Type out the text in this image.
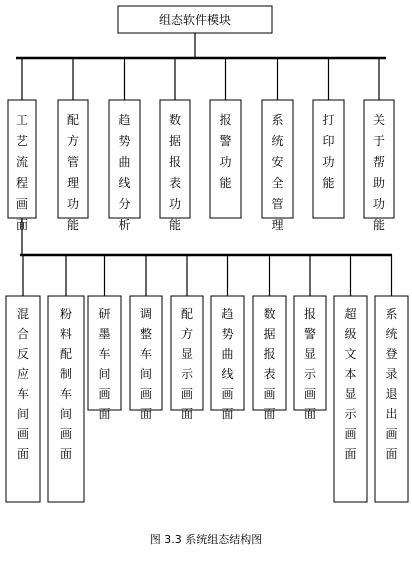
组态软件模块
工艺流程画面
配方管理功能
趋势曲线分析
数据报表功能
报警功能
系统安全管理
打印功能
关于帮助功能
混合反应车间画面
粉料配制车间画面
研墨车间画面
调整车间画面
配方显示画面
趋势曲线画面
数据报表画面
报警显示画面
超级文本显示画面
系统登录退出画面
图 3.3 系统组态结构图
